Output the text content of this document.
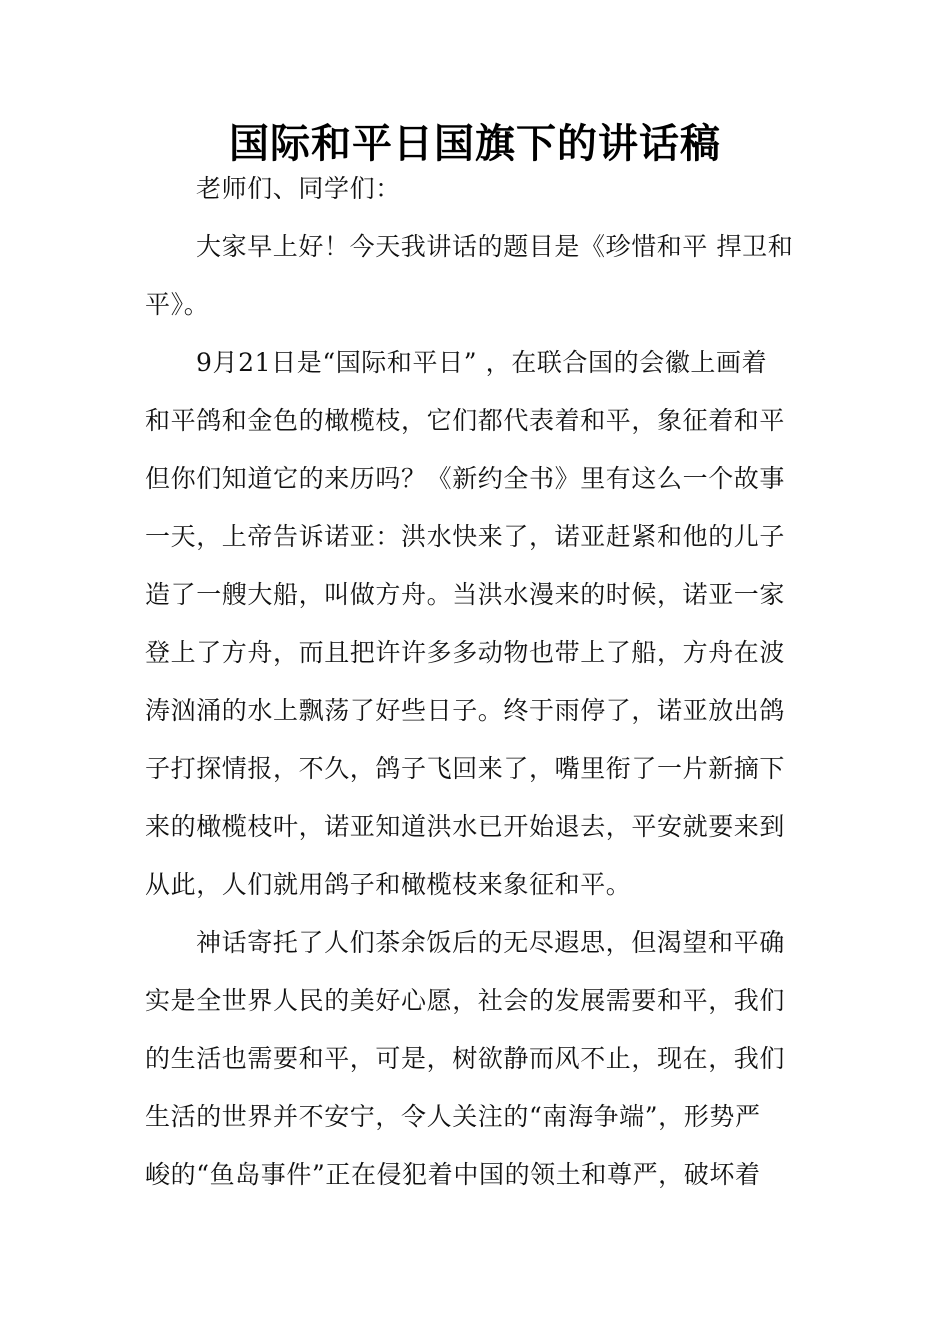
国际和平日国旗下的讲话稿
老师们、同学们：
大家早上好！今天我讲话的题目是《珍惜和平 捍卫和
平》。
9月21日是“国际和平日” ，在联合国的会徽上画着
和平鸽和金色的橄榄枝，它们都代表着和平，象征着和平
但你们知道它的来历吗？《新约全书》里有这么一个故事
一天，上帝告诉诺亚：洪水快来了，诺亚赶紧和他的儿子
造了一艘大船，叫做方舟。当洪水漫来的时候，诺亚一家
登上了方舟，而且把许许多多动物也带上了船，方舟在波
涛汹涌的水上飘荡了好些日子。终于雨停了，诺亚放出鸽
子打探情报，不久，鸽子飞回来了，嘴里衔了一片新摘下
来的橄榄枝叶，诺亚知道洪水已开始退去，平安就要来到
从此，人们就用鸽子和橄榄枝来象征和平。
神话寄托了人们茶余饭后的无尽遐思，但渴望和平确
实是全世界人民的美好心愿，社会的发展需要和平，我们
的生活也需要和平，可是，树欲静而风不止，现在，我们
生活的世界并不安宁，令人关注的“南海争端”，形势严
峻的“鱼岛事件”正在侵犯着中国的领土和尊严，破坏着
